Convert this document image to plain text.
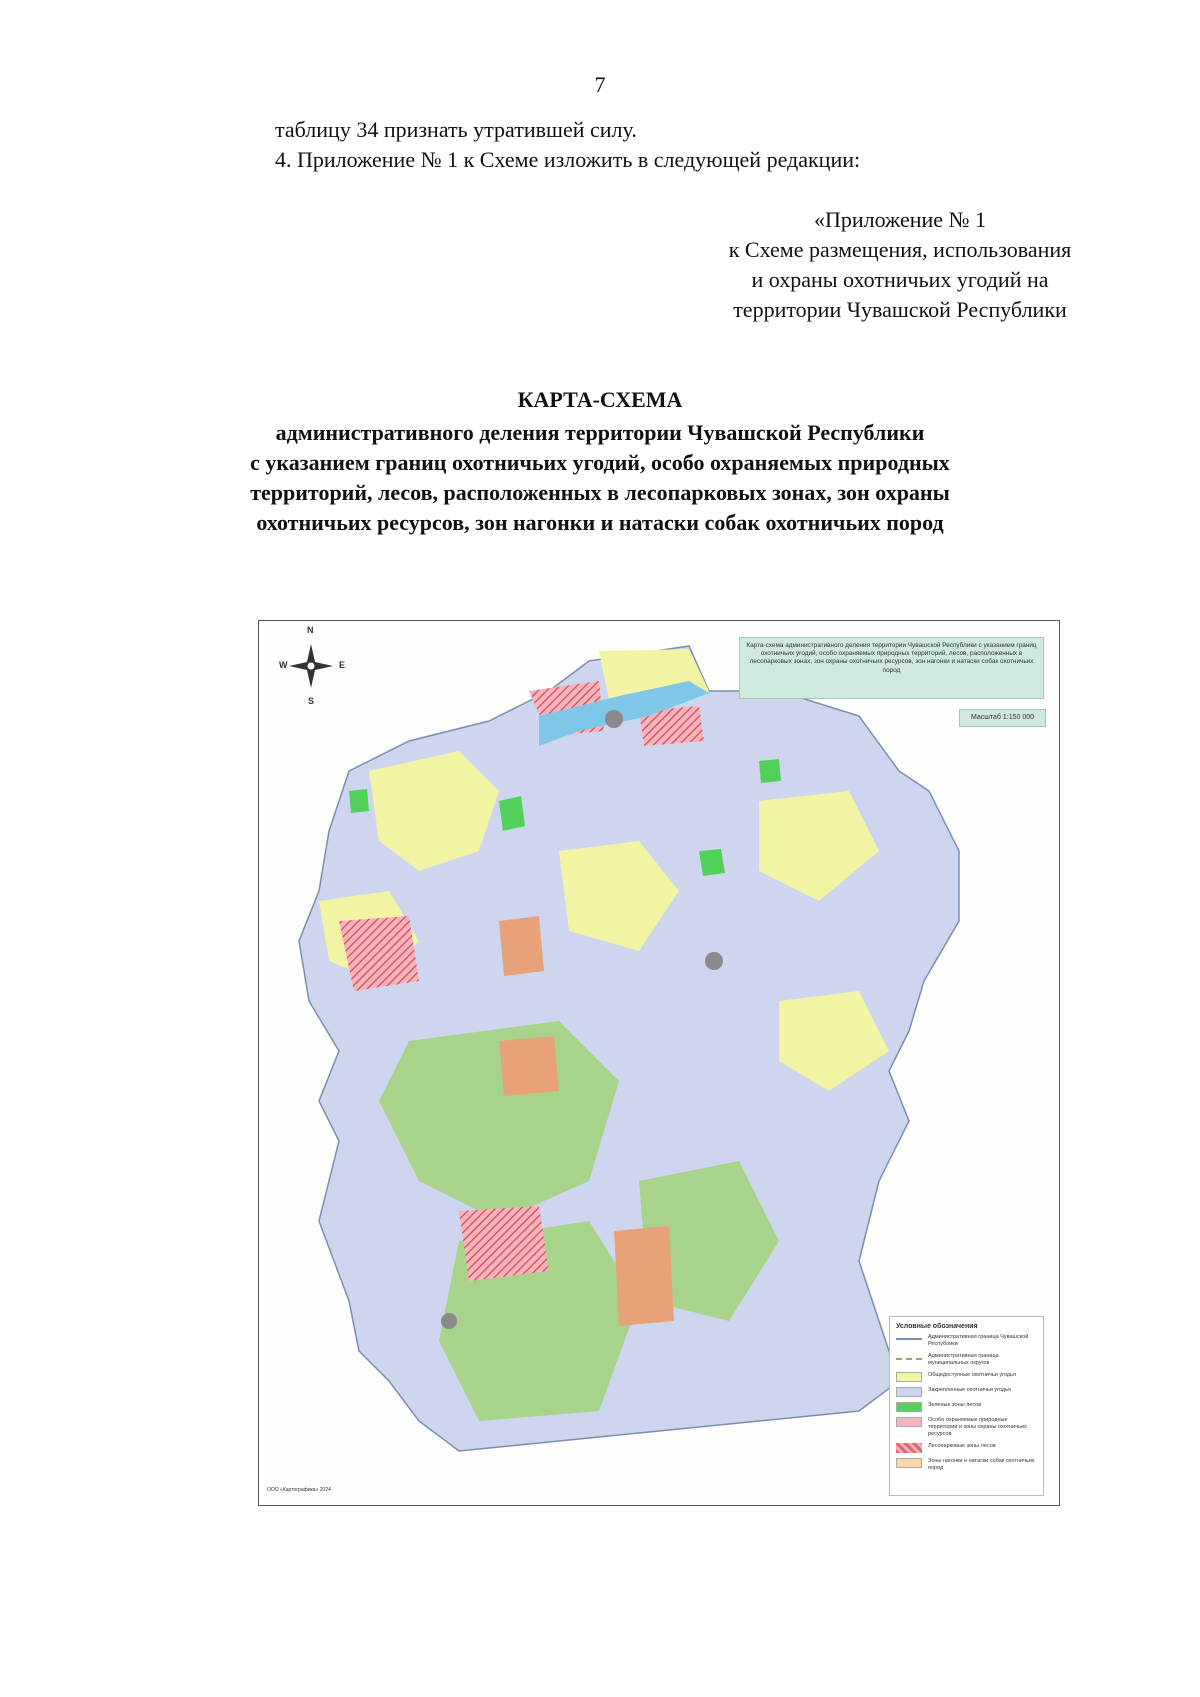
7
таблицу 34 признать утратившей силу.
4. Приложение № 1 к Схеме изложить в следующей редакции:
«Приложение № 1
к Схеме размещения, использования
и охраны охотничьих угодий на
территории Чувашской Республики
КАРТА-СХЕМА
административного деления территории Чувашской Республики
с указанием границ охотничьих угодий, особо охраняемых природных
территорий, лесов, расположенных в лесопарковых зонах, зон охраны
охотничьих ресурсов, зон нагонки и натаски собак охотничьих пород
N
S
E
W
Карта-схема административного деления территории Чувашской Республики с указанием границ охотничьих угодий, особо охраняемых природных территорий, лесов, расположенных в лесопарковых зонах, зон охраны охотничьих ресурсов, зон нагонки и натаски собак охотничьих пород
Масштаб 1:150 000
Условные обозначения
Административная граница Чувашской Республики
Административная граница муниципальных округов
Общедоступные охотничьи угодья
Закрепленные охотничьи угодья
Зеленые зоны лесов
Особо охраняемые природные территории и зоны охраны охотничьих ресурсов
Лесопарковые зоны лесов
Зоны нагонки и натаски собак охотничьих пород
ООО «Картографика» 2024
